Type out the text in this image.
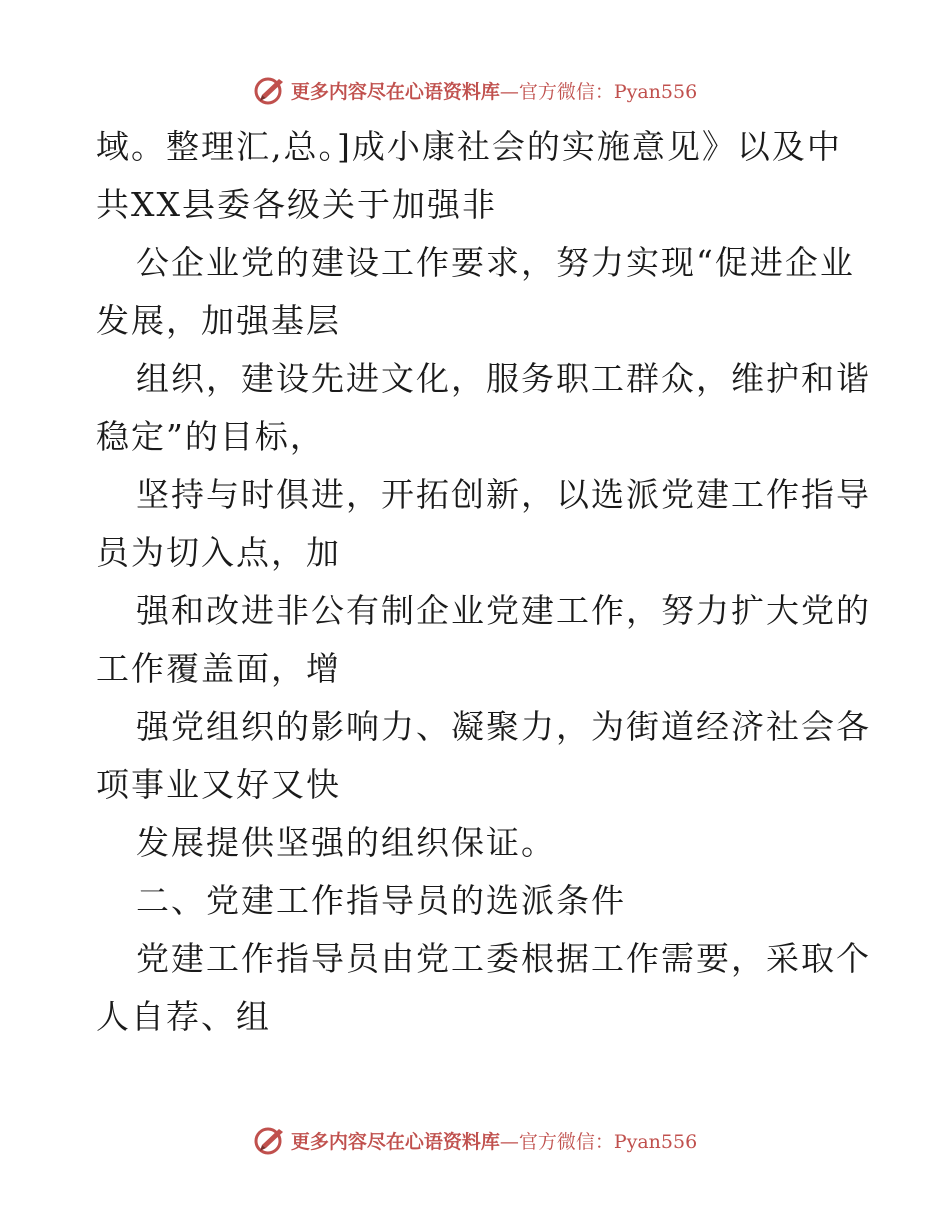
更多内容尽在心语资料库—官方微信：Pyan556
域。整理汇,总。]成小康社会的实施意见》以及中
共XX县委各级关于加强非
公企业党的建设工作要求，努力实现“促进企业
发展，加强基层
组织，建设先进文化，服务职工群众，维护和谐
稳定”的目标，
坚持与时俱进，开拓创新，以选派党建工作指导
员为切入点，加
强和改进非公有制企业党建工作，努力扩大党的
工作覆盖面，增
强党组织的影响力、凝聚力，为街道经济社会各
项事业又好又快
发展提供坚强的组织保证。
二、党建工作指导员的选派条件
党建工作指导员由党工委根据工作需要，采取个
人自荐、组
更多内容尽在心语资料库—官方微信：Pyan556
